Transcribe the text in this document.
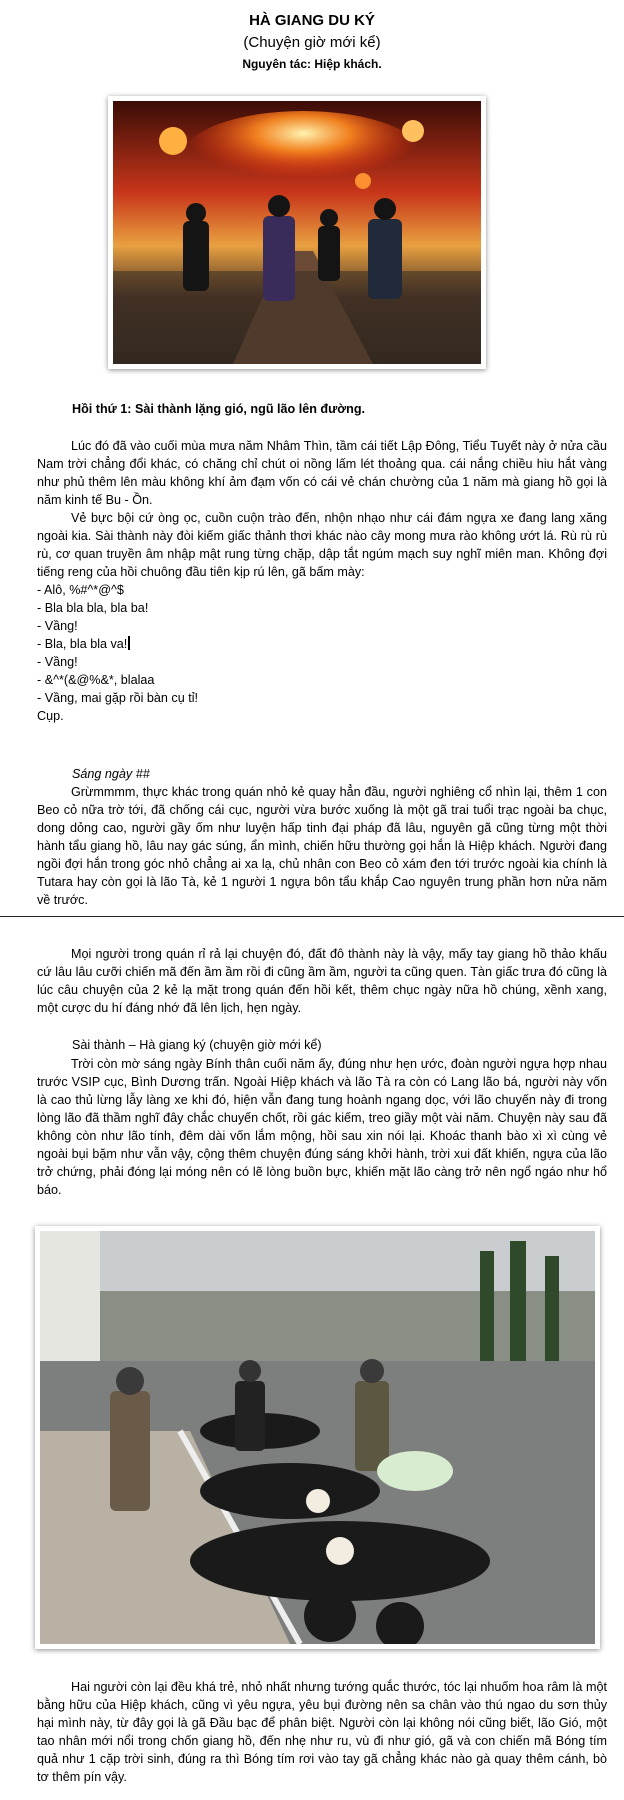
HÀ GIANG DU KÝ
(Chuyện giờ mới kể)
Nguyên tác: Hiệp khách.
Hồi thứ 1: Sài thành lặng gió, ngũ lão lên đường.
Lúc đó đã vào cuối mùa mưa năm Nhâm Thìn, tầm cái tiết Lập Đông, Tiểu Tuyết này ở nửa cầu Nam trời chẳng đổi khác, có chăng chỉ chút oi nồng lấm lét thoảng qua. cái nắng chiều hiu hắt vàng như phủ thêm lên màu không khí ảm đạm vốn có cái vẻ chán chường của 1 năm mà giang hồ gọi là năm kinh tế Bu - Ồn.
Vẻ bực bội cứ òng ọc, cuồn cuộn trào đến, nhộn nhạo như cái đám ngựa xe đang lang xăng ngoài kia. Sài thành này đòi kiếm giấc thảnh thơi khác nào cây mong mưa rào không ướt lá. Rù rù rù rù, cơ quan truyền âm nhập mật rung từng chặp, dập tắt ngúm mạch suy nghĩ miên man. Không đợi tiếng reng của hồi chuông đầu tiên kịp rú lên, gã bấm mày:
- Alô, %#^*@^$
- Bla bla bla, bla ba!
- Vầng!
- Bla, bla bla va!
- Vầng!
- &^*(&@%&*, blalaa
- Vầng, mai gặp rồi bàn cụ tỉ!
Cụp.
Sáng ngày ##
Grừmmmm, thực khác trong quán nhỏ kẻ quay hẳn đầu, người nghiêng cổ nhìn lại, thêm 1 con Beo cỏ nữa trờ tới, đã chống cái cục, người vừa bước xuống là một gã trai tuổi trạc ngoài ba chục, dong dỏng cao, người gầy ốm như luyện hấp tinh đại pháp đã lâu, nguyên gã cũng từng một thời hành tẩu giang hồ, lâu nay gác súng, ẩn mình, chiến hữu thường gọi hắn là Hiệp khách. Người đang ngồi đợi hắn trong góc nhỏ chẳng ai xa lạ, chủ nhân con Beo cỏ xám đen tới trước ngoài kia chính là Tutara hay còn gọi là lão Tà, kẻ 1 người 1 ngựa bôn tẩu khắp Cao nguyên trung phần hơn nửa năm về trước.
Mọi người trong quán rỉ rả lại chuyện đó, đất đô thành này là vậy, mấy tay giang hồ thảo khấu cứ lâu lâu cưỡi chiến mã đến ầm ầm rồi đi cũng ầm ầm, người ta cũng quen. Tàn giấc trưa đó cũng là lúc câu chuyện của 2 kẻ lạ mặt trong quán đến hồi kết, thêm chục ngày nữa hồ chúng, xềnh xang, một cược du hí đáng nhớ đã lên lịch, hẹn ngày.
Sài thành – Hà giang ký (chuyện giờ mới kể)
Trời còn mờ sáng ngày Bính thân cuối năm ấy, đúng như hẹn ước, đoàn người ngựa hợp nhau trước VSIP cục, Bình Dương trấn. Ngoài Hiệp khách và lão Tà ra còn có Lang lão bá, người này vốn là cao thủ lừng lẫy làng xe khi đó, hiện vẫn đang tung hoành ngang dọc, với lão chuyến này đi trong lòng lão đã thầm nghĩ đây chắc chuyến chốt, rồi gác kiếm, treo giầy một vài năm. Chuyện này sau đã không còn như lão tính, đêm dài vốn lắm mộng, hồi sau xin nói lại. Khoác thanh bào xì xì cùng vẻ ngoài bụi bặm như vẫn vậy, cộng thêm chuyện đúng sáng khởi hành, trời xui đất khiến, ngựa của lão trở chứng, phải đóng lại móng nên có lẽ lòng buồn bực, khiến mặt lão càng trở nên ngổ ngáo như hổ báo.
Hai người còn lại đều khá trẻ, nhỏ nhất nhưng tướng quắc thước, tóc lại nhuốm hoa râm là một bằng hữu của Hiệp khách, cũng vì yêu ngựa, yêu bụi đường nên sa chân vào thú ngao du sơn thủy hại mình này, từ đây gọi là gã Đầu bạc để phân biệt. Người còn lại không nói cũng biết, lão Gió, một tao nhân mới nổi trong chốn giang hồ, đến nhẹ như ru, vù đi như gió, gã và con chiến mã Bóng tím quả như 1 cặp trời sinh, đúng ra thì Bóng tím rơi vào tay gã chẳng khác nào gà quay thêm cánh, bò tơ thêm pín vậy.
